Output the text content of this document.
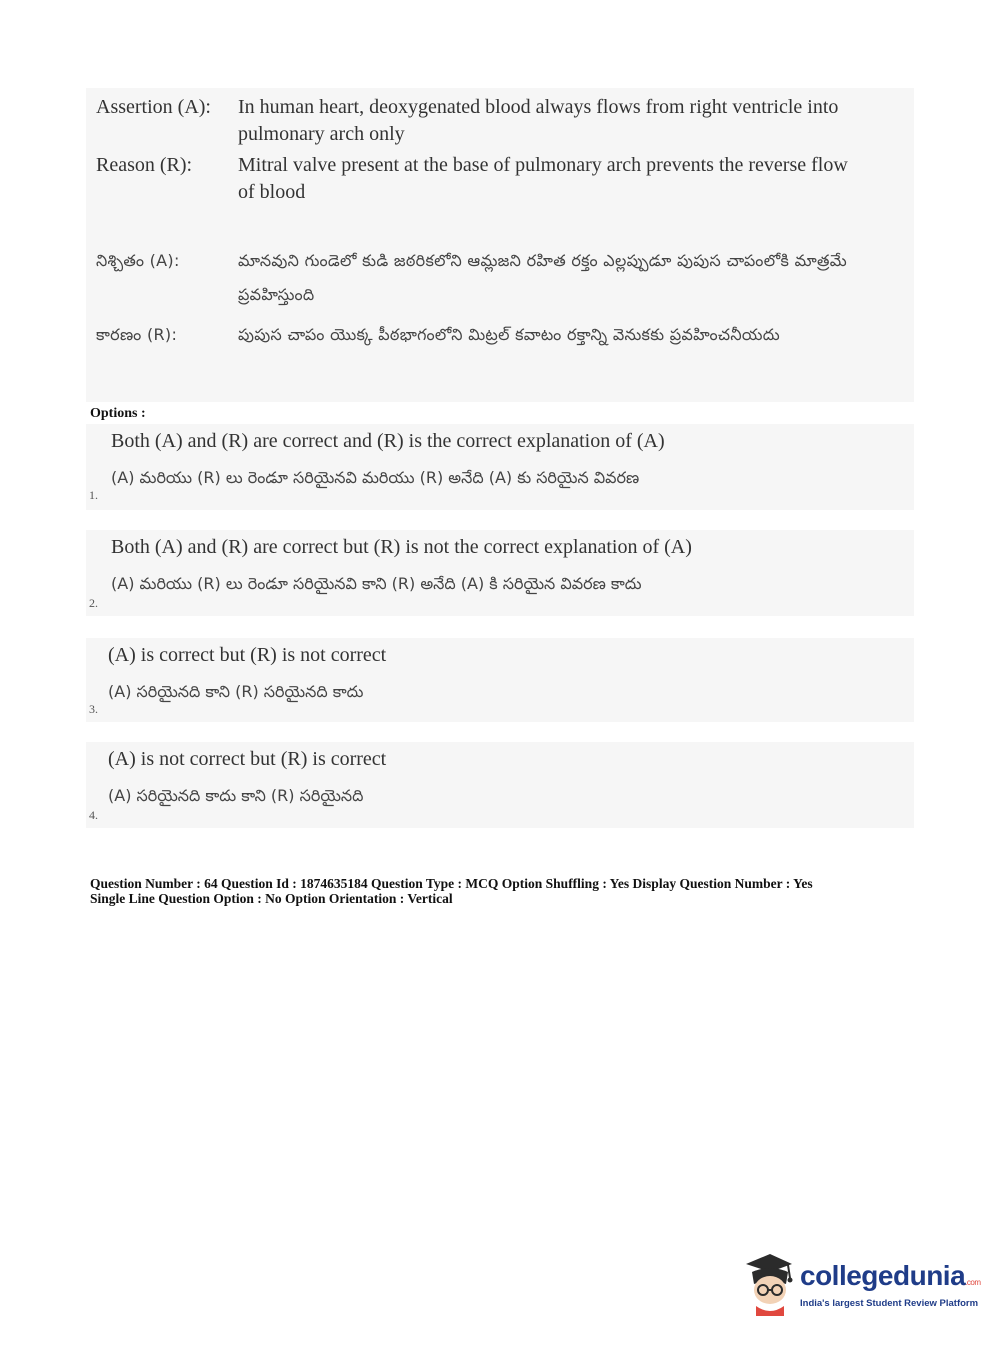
Assertion (A):	In human heart, deoxygenated blood always flows from right ventricle into pulmonary arch only
Reason (R):	Mitral valve present at the base of pulmonary arch prevents the reverse flow of blood
నిశ్చితం (A):	మానవుని గుండెలో కుడి జఠరికలోని ఆమ్లజని రహిత రక్తం ఎల్లప్పుడూ పుపుస చాపంలోకి మాత్రమే ప్రవహిస్తుంది
కారణం (R):	పుపుస చాపం యొక్క పీఠభాగంలోని మిట్రల్ కవాటం రక్తాన్ని వెనుకకు ప్రవహించనీయదు
Options :
Both (A) and (R) are correct and (R) is the correct explanation of (A)
(A) మరియు (R) లు రెండూ సరియైనవి మరియు (R) అనేది (A) కు సరియైన వివరణ
1.
Both (A) and (R) are correct but (R) is not the correct explanation of (A)
(A) మరియు (R) లు రెండూ సరియైనవి కాని (R) అనేది (A) కి సరియైన వివరణ కాదు
2.
(A) is correct but (R) is not correct
(A) సరియైనది కాని (R) సరియైనది కాదు
3.
(A) is not correct but (R) is correct
(A) సరియైనది కాదు కాని (R) సరియైనది
4.
Question Number : 64 Question Id : 1874635184 Question Type : MCQ Option Shuffling : Yes Display Question Number : Yes
Single Line Question Option : No Option Orientation : Vertical
collegedunia.com
India's largest Student Review Platform
